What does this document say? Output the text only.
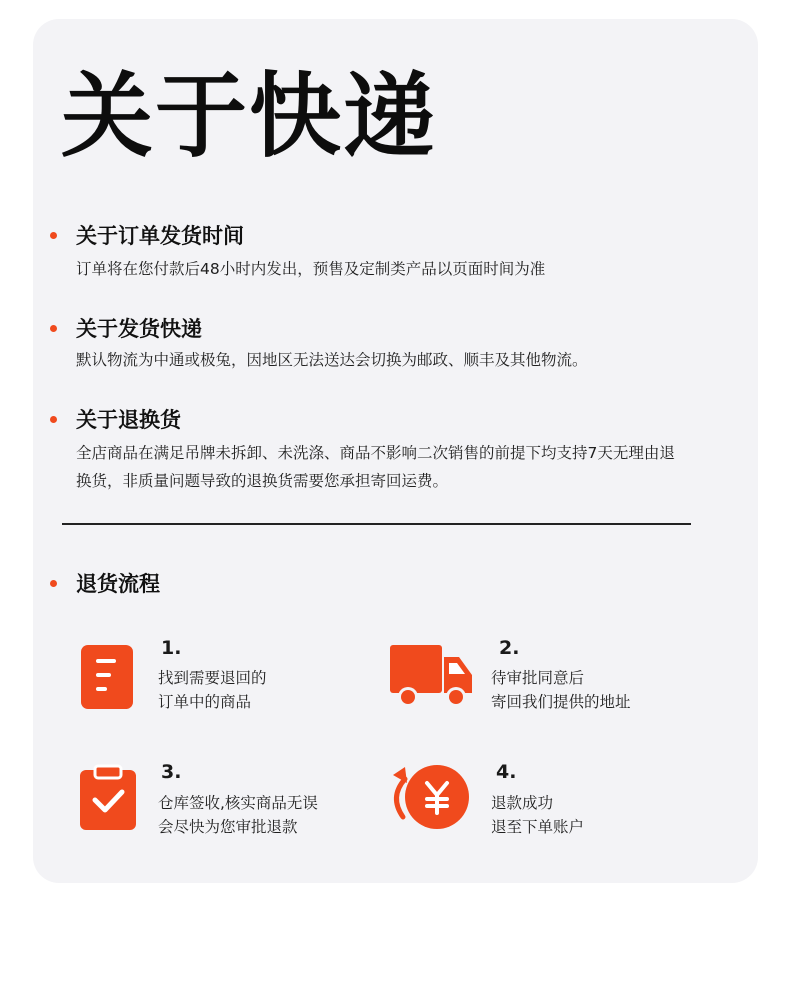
关于快递
关于订单发货时间

订单将在您付款后48小时内发出，预售及定制类产品以页面时间为准

关于发货快递

默认物流为中通或极兔，因地区无法送达会切换为邮政、顺丰及其他物流。

关于退换货

全店商品在满足吊牌未拆卸、未洗涤、商品不影响二次销售的前提下均支持7天无理由退换货，非质量问题导致的退换货需要您承担寄回运费。

退货流程

1.

找到需要退回的
订单中的商品

2.

待审批同意后
寄回我们提供的地址

3.

仓库签收,核实商品无误
会尽快为您审批退款

4.

退款成功
退至下单账户
